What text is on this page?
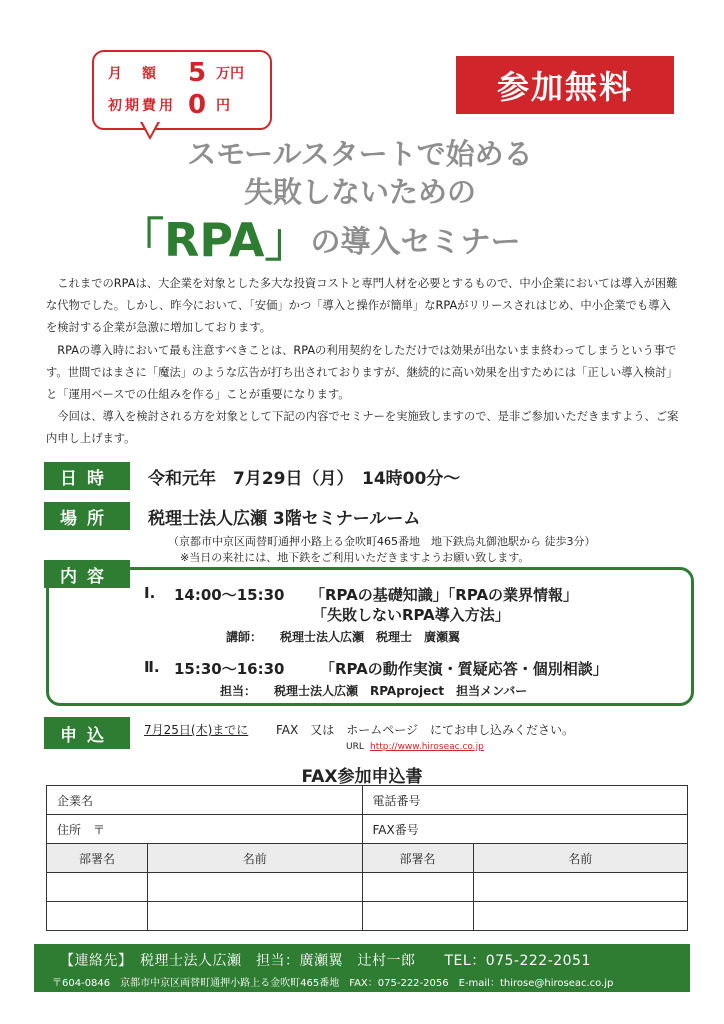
月　額 5 万円
初期費用 0 円	参加無料
スモールスタートで始める
失敗しないための
「RPA」の導入セミナー

これまでのRPAは、大企業を対象とした多大な投資コストと専門人材を必要とするもので、中小企業においては導入が困難な代物でした。しかし、昨今において、「安価」かつ「導入と操作が簡単」なRPAがリリースされはじめ、中小企業でも導入を検討する企業が急激に増加しております。

RPAの導入時において最も注意すべきことは、RPAの利用契約をしただけでは効果が出ないまま終わってしまうという事です。世間ではまさに「魔法」のような広告が打ち出されておりますが、継続的に高い効果を出すためには「正しい導入検討」と「運用ベースでの仕組みを作る」ことが重要になります。

今回は、導入を検討される方を対象として下記の内容でセミナーを実施致しますので、是非ご参加いただきますよう、ご案内申し上げます。

日時	令和元年　7月29日（月）　14時00分～
場所	税理士法人広瀬 3階セミナールーム
（京都市中京区両替町通押小路上る金吹町465番地　地下鉄烏丸御池駅から 徒歩3分）
※当日の来社には、地下鉄をご利用いただきますようお願い致します。
内容
Ⅰ. 14:00～15:30 「RPAの基礎知識」「RPAの業界情報」
「失敗しないRPA導入方法」
講師： 税理士法人広瀬　税理士　廣瀬翼
Ⅱ. 15:30～16:30 「RPAの動作実演・質疑応答・個別相談」
担当： 税理士法人広瀬　RPAproject　担当メンバー
申込	7月25日(木)までに FAX　又は　ホームページ　にてお申し込みください。
URL http://www.hiroseac.co.jp
FAX参加申込書
企業名		電話番号	
住所　〒		FAX番号	
部署名	名前	部署名	名前

【連絡先】　税理士法人広瀬　担当：廣瀬翼　辻村一郎　　TEL：075-222-2051
〒604-0846　京都市中京区両替町通押小路上る金吹町465番地　FAX：075-222-2056　E-mail：thirose@hiroseac.co.jp
